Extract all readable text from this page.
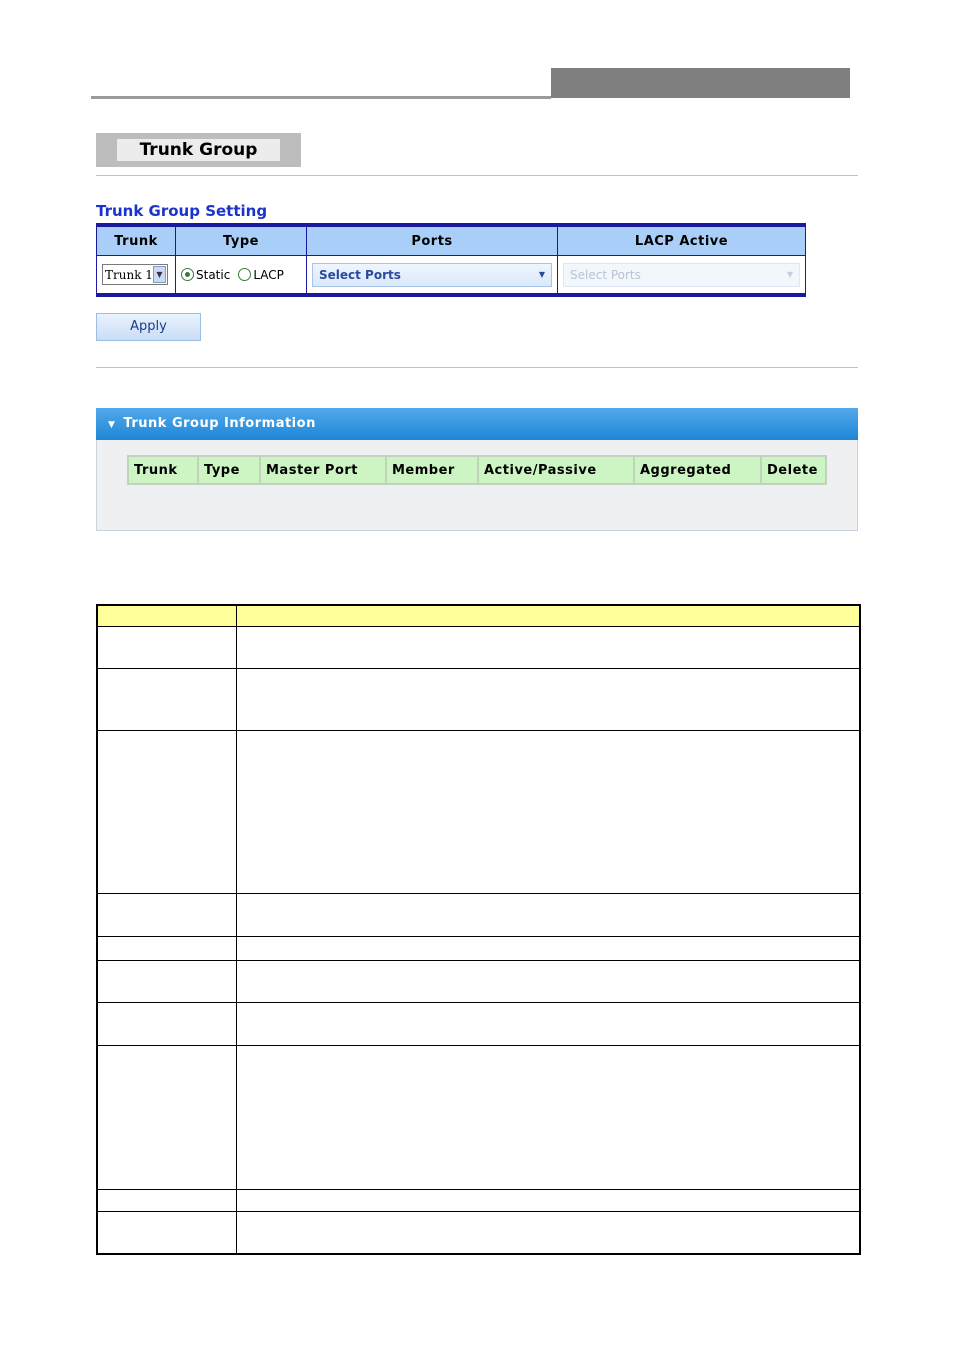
Trunk Group
Trunk Group Setting
Trunk	Type	Ports	LACP Active

Trunk 1 ▼	Static LACP	Select Ports ▼	Select Ports ▼
Apply
▼ Trunk Group Information
Trunk	Type	Master Port	Member	Active/Passive	Aggregated	Delete
